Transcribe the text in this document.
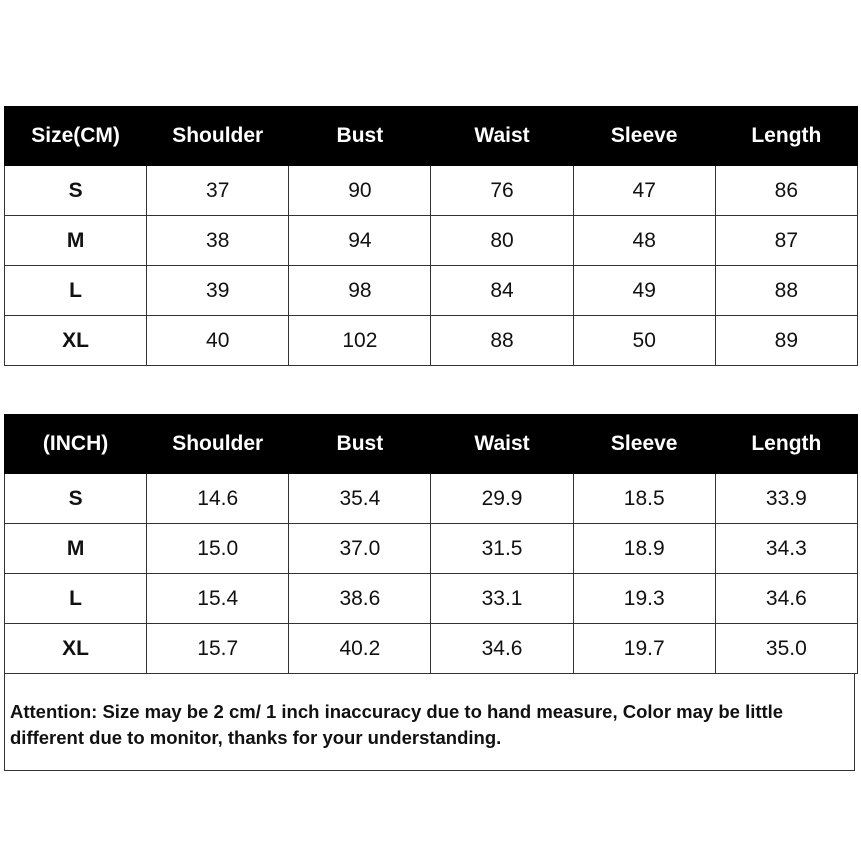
Size(CM)	Shoulder	Bust	Waist	Sleeve	Length
S	37	90	76	47	86
M	38	94	80	48	87
L	39	98	84	49	88
XL	40	102	88	50	89
(INCH)	Shoulder	Bust	Waist	Sleeve	Length
S	14.6	35.4	29.9	18.5	33.9
M	15.0	37.0	31.5	18.9	34.3
L	15.4	38.6	33.1	19.3	34.6
XL	15.7	40.2	34.6	19.7	35.0

Attention: Size may be 2 cm/ 1 inch inaccuracy due to hand measure, Color may be little different due to monitor, thanks for your understanding.
